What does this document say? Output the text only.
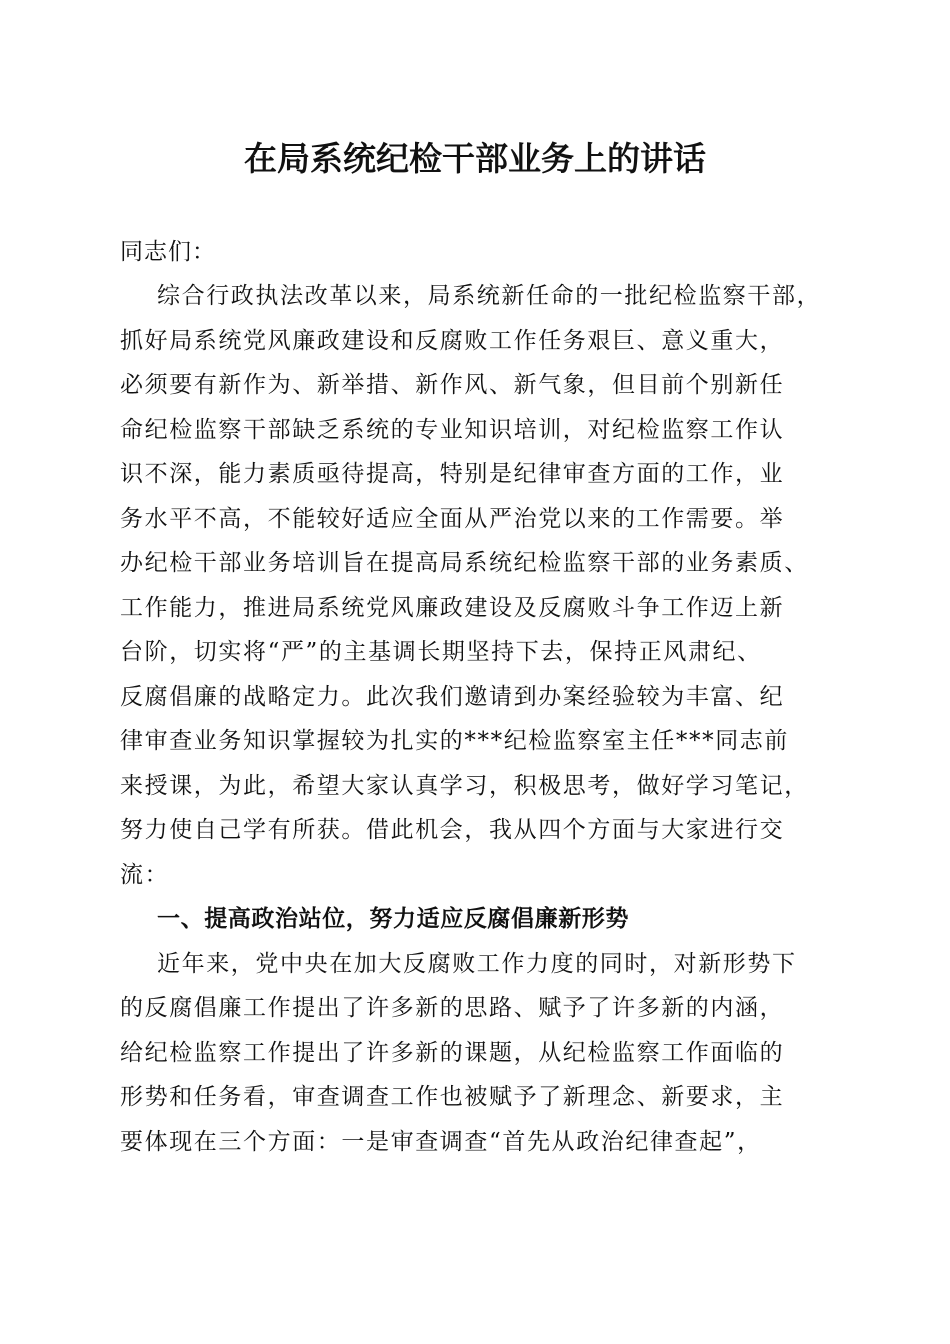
在局系统纪检干部业务上的讲话
同志们：
综合行政执法改革以来，局系统新任命的一批纪检监察干部，
抓好局系统党风廉政建设和反腐败工作任务艰巨、意义重大，
必须要有新作为、新举措、新作风、新气象，但目前个别新任
命纪检监察干部缺乏系统的专业知识培训，对纪检监察工作认
识不深，能力素质亟待提高，特别是纪律审查方面的工作，业
务水平不高，不能较好适应全面从严治党以来的工作需要。举
办纪检干部业务培训旨在提高局系统纪检监察干部的业务素质、
工作能力，推进局系统党风廉政建设及反腐败斗争工作迈上新
台阶，切实将“严”的主基调长期坚持下去，保持正风肃纪、
反腐倡廉的战略定力。此次我们邀请到办案经验较为丰富、纪
律审查业务知识掌握较为扎实的***纪检监察室主任***同志前
来授课，为此，希望大家认真学习，积极思考，做好学习笔记，
努力使自己学有所获。借此机会，我从四个方面与大家进行交
流：
一、提高政治站位，努力适应反腐倡廉新形势
近年来，党中央在加大反腐败工作力度的同时，对新形势下
的反腐倡廉工作提出了许多新的思路、赋予了许多新的内涵，
给纪检监察工作提出了许多新的课题，从纪检监察工作面临的
形势和任务看，审查调查工作也被赋予了新理念、新要求，主
要体现在三个方面：一是审查调查“首先从政治纪律查起”，
